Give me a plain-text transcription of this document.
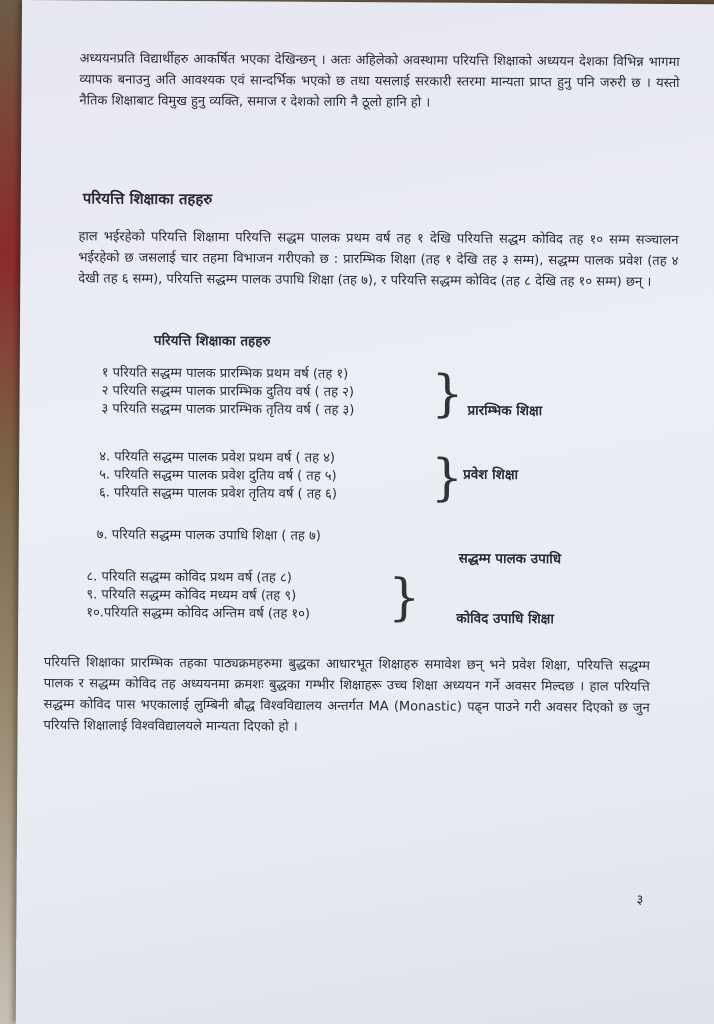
अध्ययनप्रति विद्यार्थीहरु आकर्षित भएका देखिन्छन् । अतः अहिलेको अवस्थामा परियत्ति शिक्षाको अध्ययन देशका विभिन्न भागमा व्यापक बनाउनु अति आवश्यक एवं सान्दर्भिक भएको छ तथा यसलाई सरकारी स्तरमा मान्यता प्राप्त हुनु पनि जरुरी छ । यस्तो नैतिक शिक्षाबाट विमुख हुनु व्यक्ति, समाज र देशको लागि नै ठूलो हानि हो ।
परियत्ति शिक्षाका तहहरु
हाल भईरहेको परियत्ति शिक्षामा परियत्ति सद्धम पालक प्रथम वर्ष तह १ देखि परियत्ति सद्धम कोविद तह १० सम्म सञ्चालन भईरहेको छ जसलाई चार तहमा विभाजन गरीएको छ : प्रारम्भिक शिक्षा (तह १ देखि तह ३ सम्म), सद्धम्म पालक प्रवेश (तह ४ देखी तह ६ सम्म), परियत्ति सद्धम्म पालक उपाधि शिक्षा (तह ७), र परियत्ति सद्धम्म कोविद (तह ८ देखि तह १० सम्म) छन् ।
परियत्ति शिक्षाका तहहरु
१ परियति सद्धम्म पालक प्रारम्भिक प्रथम वर्ष (तह १)
२ परियति सद्धम्म पालक प्रारम्भिक दुतिय वर्ष ( तह २)
३ परियति सद्धम्म पालक प्रारम्भिक तृतिय वर्ष ( तह ३) } प्रारम्भिक शिक्षा
४. परियति सद्धम्म पालक प्रवेश प्रथम वर्ष ( तह ४)
५. परियति सद्धम्म पालक प्रवेश दुतिय वर्ष ( तह ५)
६. परियति सद्धम्म पालक प्रवेश तृतिय वर्ष ( तह ६) } प्रवेश शिक्षा
७. परियति सद्धम्म पालक उपाधि शिक्षा ( तह ७)
सद्धम्म पालक उपाधि
८. परियति सद्धम्म कोविद प्रथम वर्ष (तह ८)
९. परियति सद्धम्म कोविद मध्यम वर्ष (तह ९)
१०.परियति सद्धम्म कोविद अन्तिम वर्ष (तह १०) }	कोविद उपाधि शिक्षा
परियत्ति शिक्षाका प्रारम्भिक तहका पाठ्यक्रमहरुमा बुद्धका आधारभूत शिक्षाहरु समावेश छन् भने प्रवेश शिक्षा, परियत्ति सद्धम्म पालक र सद्धम्म कोविद तह अध्ययनमा क्रमशः बुद्धका गम्भीर शिक्षाहरू उच्च शिक्षा अध्ययन गर्ने अवसर मिल्दछ । हाल परियत्ति सद्धम्म कोविद पास भएकालाई लुम्बिनी बौद्ध विश्वविद्यालय अन्तर्गत MA (Monastic) पढ्न पाउने गरी अवसर दिएको छ जुन परियत्ति शिक्षालाई विश्वविद्यालयले मान्यता दिएको हो ।
३
